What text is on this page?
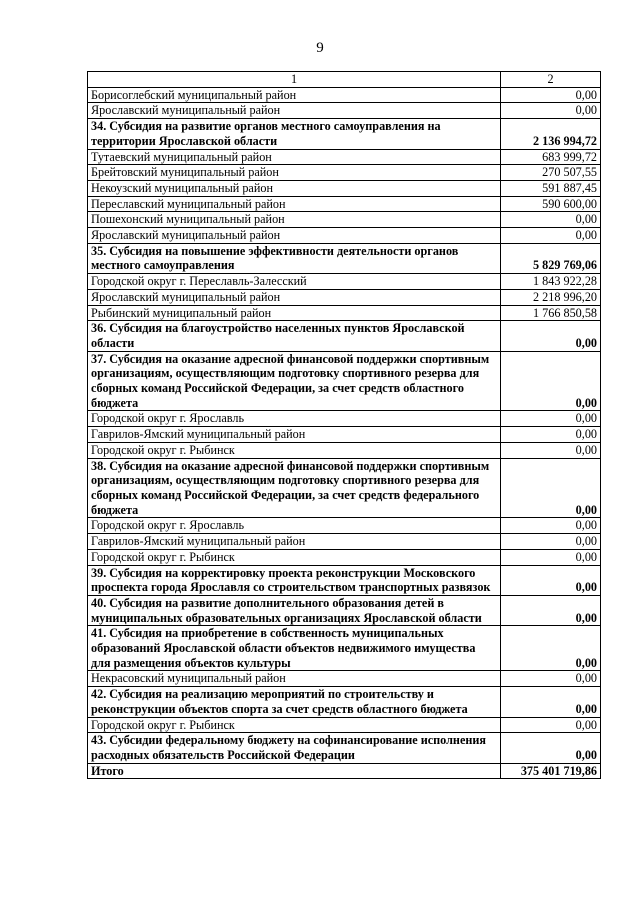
9
1	2
Борисоглебский муниципальный район	0,00
Ярославский муниципальный район	0,00
34. Субсидия на развитие органов местного самоуправления на территории Ярославской области	2 136 994,72
Тутаевский муниципальный район	683 999,72
Брейтовский муниципальный район	270 507,55
Некоузский муниципальный район	591 887,45
Переславский муниципальный район	590 600,00
Пошехонский муниципальный район	0,00
Ярославский муниципальный район	0,00
35. Субсидия на повышение эффективности деятельности органов местного самоуправления	5 829 769,06
Городской округ г. Переславль-Залесский	1 843 922,28
Ярославский муниципальный район	2 218 996,20
Рыбинский муниципальный район	1 766 850,58
36. Субсидия на благоустройство населенных пунктов Ярославской области	0,00
37. Субсидия на оказание адресной финансовой поддержки спортивным организациям, осуществляющим подготовку спортивного резерва для сборных команд Российской Федерации, за счет средств областного бюджета	0,00
Городской округ г. Ярославль	0,00
Гаврилов-Ямский муниципальный район	0,00
Городской округ г. Рыбинск	0,00
38. Субсидия на оказание адресной финансовой поддержки спортивным организациям, осуществляющим подготовку спортивного резерва для сборных команд Российской Федерации, за счет средств федерального бюджета	0,00
Городской округ г. Ярославль	0,00
Гаврилов-Ямский муниципальный район	0,00
Городской округ г. Рыбинск	0,00
39. Субсидия на корректировку проекта реконструкции Московского проспекта города Ярославля со строительством транспортных развязок	0,00
40. Субсидия на развитие дополнительного образования детей в муниципальных образовательных организациях Ярославской области	0,00
41. Субсидия на приобретение в собственность муниципальных образований Ярославской области объектов недвижимого имущества для размещения объектов культуры	0,00
Некрасовский муниципальный район	0,00
42. Субсидия на реализацию мероприятий по строительству и реконструкции объектов спорта за счет средств областного бюджета	0,00
Городской округ г. Рыбинск	0,00
43. Субсидии федеральному бюджету на софинансирование исполнения расходных обязательств Российской Федерации	0,00
Итого	375 401 719,86
